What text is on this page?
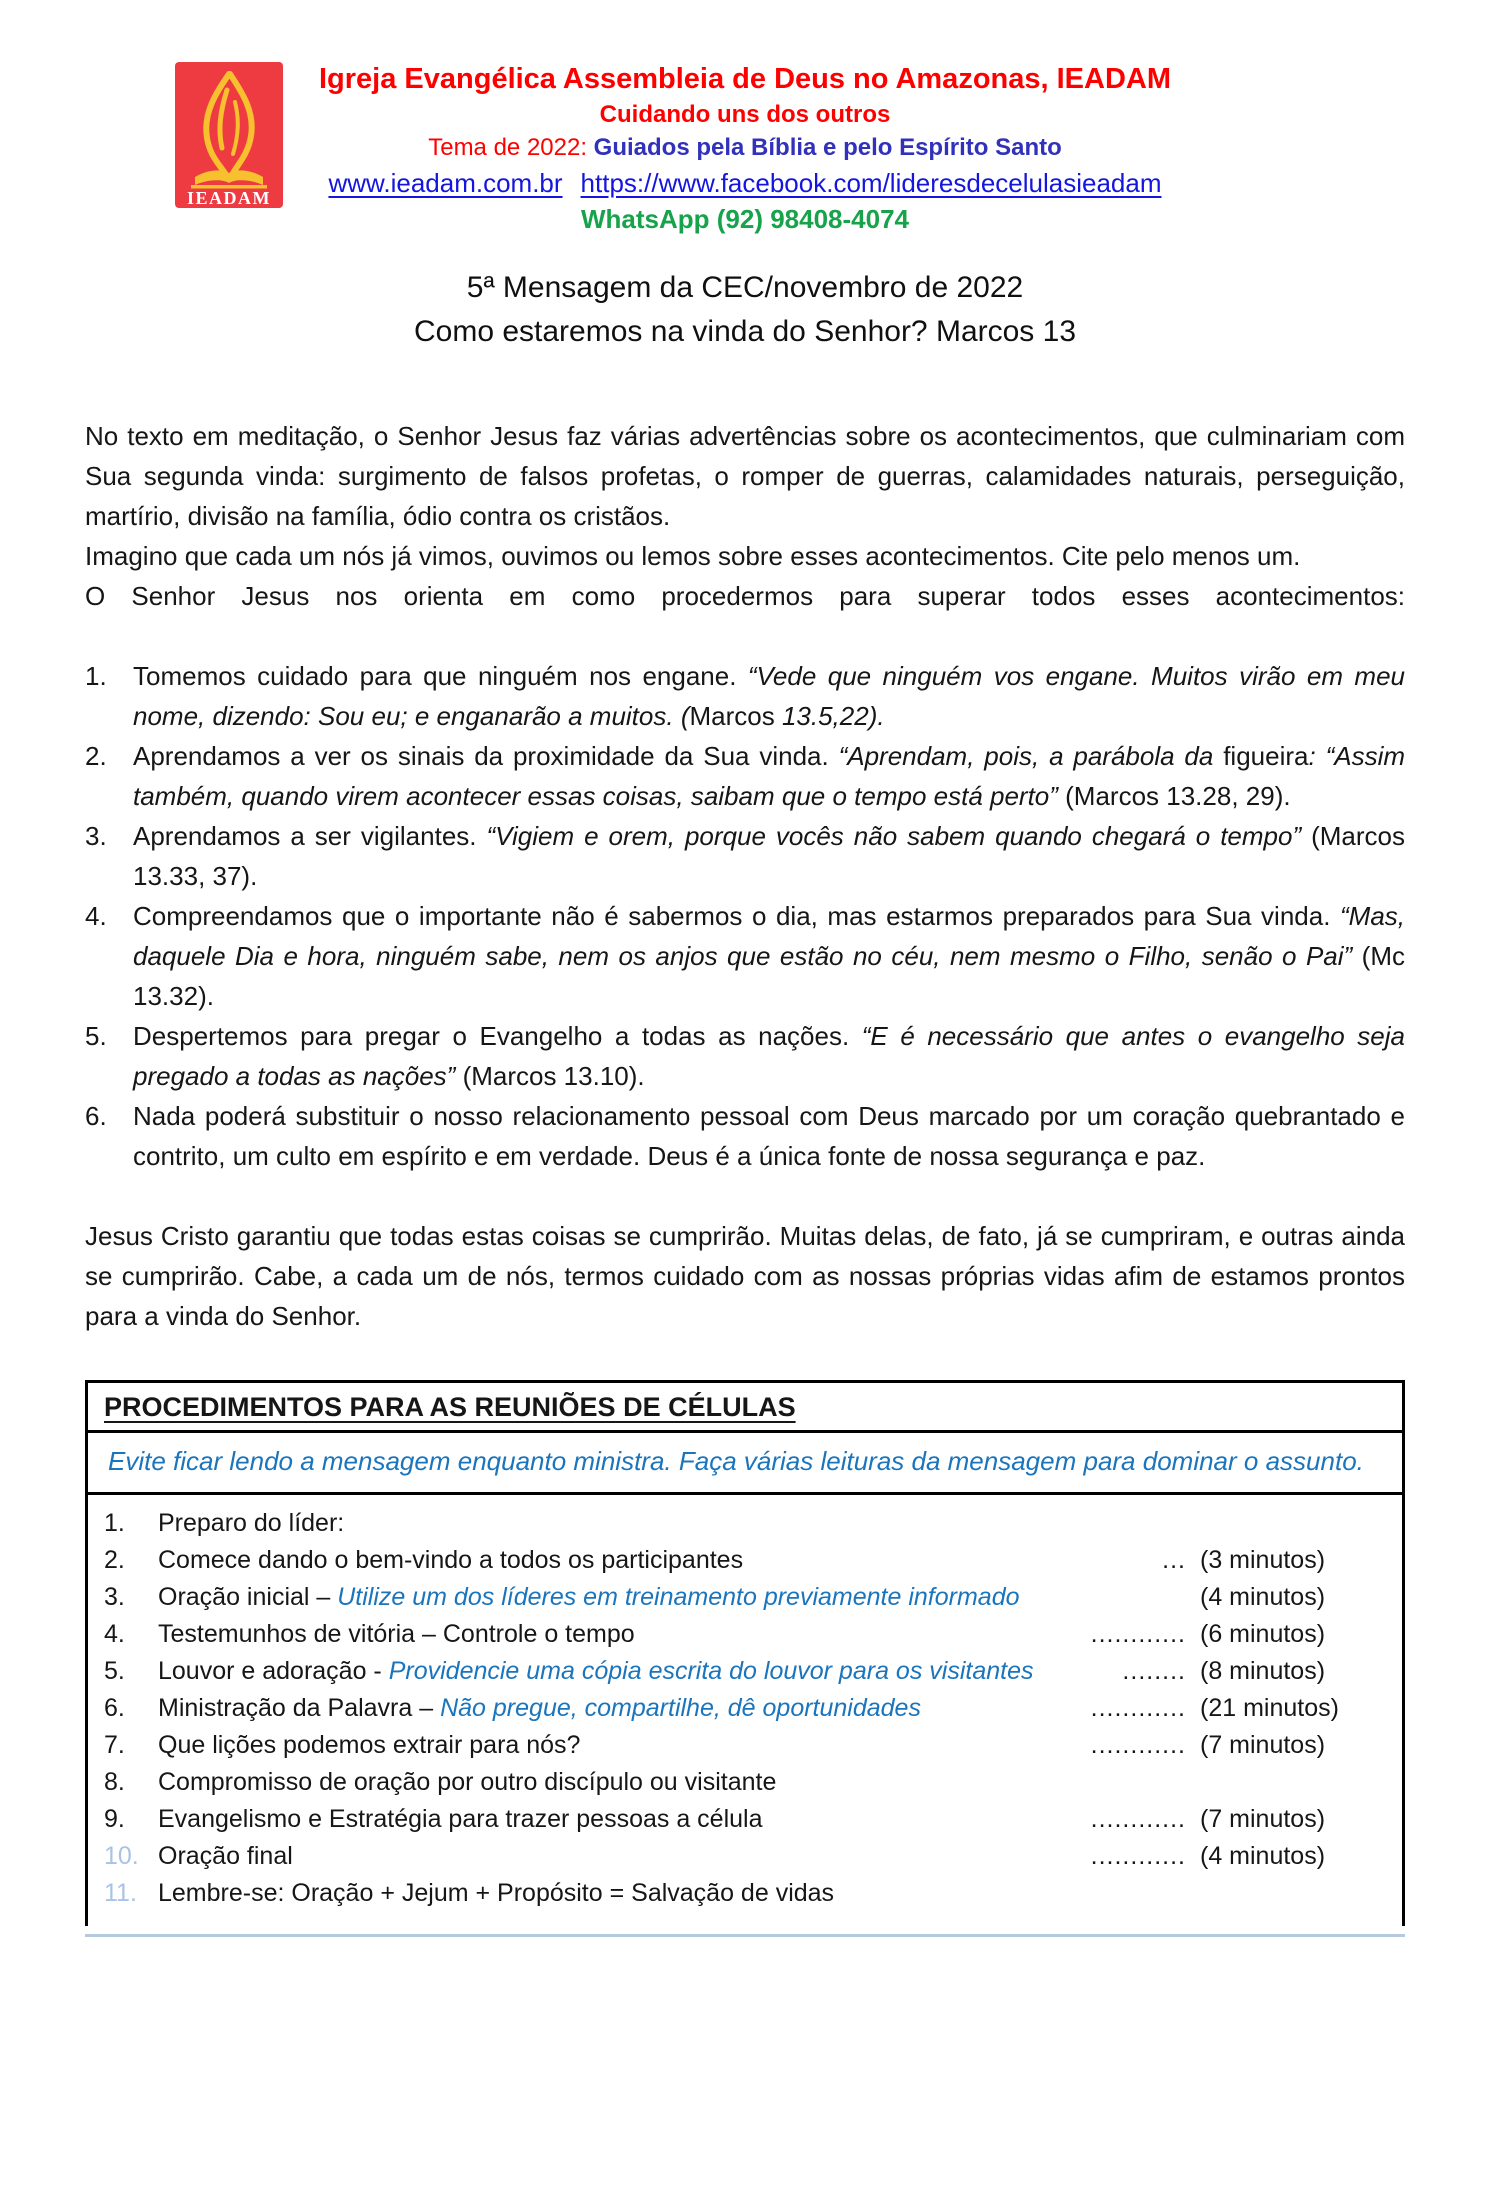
IEADAM
Igreja Evangélica Assembleia de Deus no Amazonas, IEADAM
Cuidando uns dos outros
Tema de 2022: Guiados pela Bíblia e pelo Espírito Santo
www.ieadam.com.br https://www.facebook.com/lideresdecelulasieadam
WhatsApp (92) 98408-4074
5ª Mensagem da CEC/novembro de 2022
Como estaremos na vinda do Senhor? Marcos 13

No texto em meditação, o Senhor Jesus faz várias advertências sobre os acontecimentos, que culminariam com Sua segunda vinda: surgimento de falsos profetas, o romper de guerras, calamidades naturais, perseguição, martírio, divisão na família, ódio contra os cristãos.

Imagino que cada um nós já vimos, ouvimos ou lemos sobre esses acontecimentos. Cite pelo menos um.

O Senhor Jesus nos orienta em como procedermos para superar todos esses acontecimentos:

1.	Tomemos cuidado para que ninguém nos engane. “Vede que ninguém vos engane. Muitos virão em meu nome, dizendo: Sou eu; e enganarão a muitos. (Marcos 13.5,22).
2.	Aprendamos a ver os sinais da proximidade da Sua vinda. “Aprendam, pois, a parábola da figueira: “Assim também, quando virem acontecer essas coisas, saibam que o tempo está perto” (Marcos 13.28, 29).
3.	Aprendamos a ser vigilantes. “Vigiem e orem, porque vocês não sabem quando chegará o tempo” (Marcos 13.33, 37).
4.	Compreendamos que o importante não é sabermos o dia, mas estarmos preparados para Sua vinda. “Mas, daquele Dia e hora, ninguém sabe, nem os anjos que estão no céu, nem mesmo o Filho, senão o Pai” (Mc 13.32).
5.	Despertemos para pregar o Evangelho a todas as nações. “E é necessário que antes o evangelho seja pregado a todas as nações” (Marcos 13.10).
6.	Nada poderá substituir o nosso relacionamento pessoal com Deus marcado por um coração quebrantado e contrito, um culto em espírito e em verdade. Deus é a única fonte de nossa segurança e paz.

Jesus Cristo garantiu que todas estas coisas se cumprirão. Muitas delas, de fato, já se cumpriram, e outras ainda se cumprirão. Cabe, a cada um de nós, termos cuidado com as nossas próprias vidas afim de estamos prontos para a vinda do Senhor.

PROCEDIMENTOS PARA AS REUNIÕES DE CÉLULAS
Evite ficar lendo a mensagem enquanto ministra. Faça várias leituras da mensagem para dominar o assunto.
1.	Preparo do líder:
2.	Comece dando o bem-vindo a todos os participantes	... (3 minutos)
3.	Oração inicial – Utilize um dos líderes em treinamento previamente informado	(4 minutos)
4.	Testemunhos de vitória – Controle o tempo	............ (6 minutos)
5.	Louvor e adoração - Providencie uma cópia escrita do louvor para os visitantes	........ (8 minutos)
6.	Ministração da Palavra – Não pregue, compartilhe, dê oportunidades	............ (21 minutos)
7.	Que lições podemos extrair para nós?	............ (7 minutos)
8.	Compromisso de oração por outro discípulo ou visitante
9.	Evangelismo e Estratégia para trazer pessoas a célula	............ (7 minutos)
10. Oração final	............ (4 minutos)
11. Lembre-se: Oração + Jejum + Propósito = Salvação de vidas
